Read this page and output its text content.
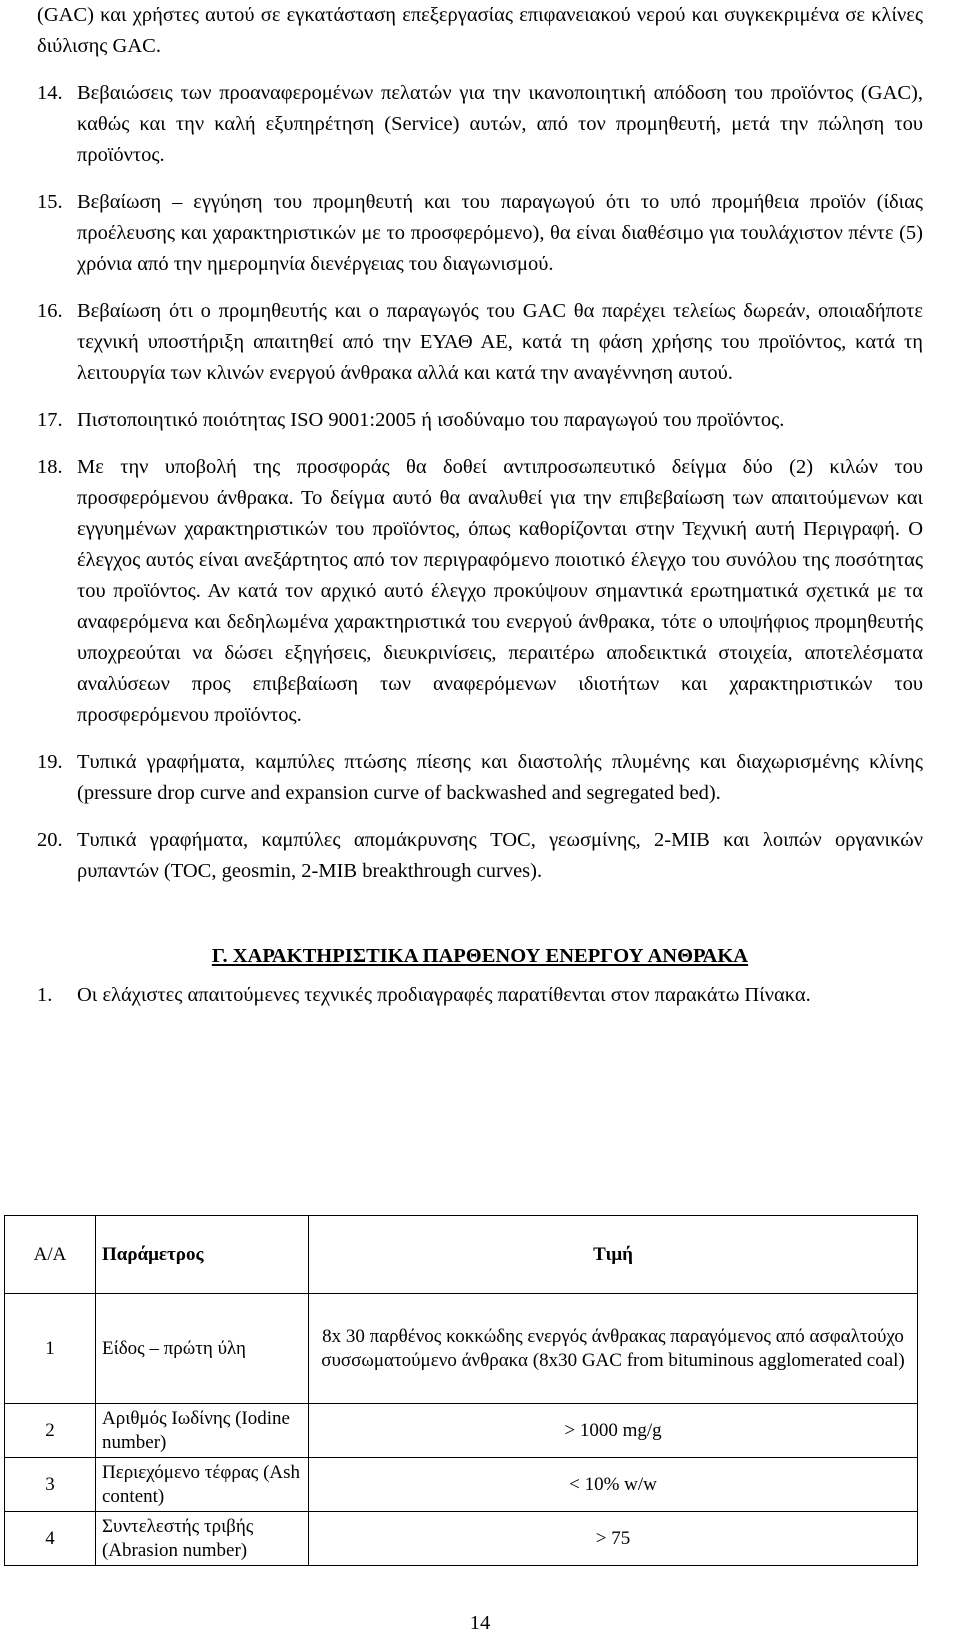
(GAC) και χρήστες αυτού σε εγκατάσταση επεξεργασίας επιφανειακού νερού και συγκεκριμένα σε κλίνες διύλισης GAC.

14. Βεβαιώσεις των προαναφερομένων πελατών για την ικανοποιητική απόδοση του προϊόντος (GAC), καθώς και την καλή εξυπηρέτηση (Service) αυτών, από τον προμηθευτή, μετά την πώληση του προϊόντος.
15. Βεβαίωση – εγγύηση του προμηθευτή και του παραγωγού ότι το υπό προμήθεια προϊόν (ίδιας προέλευσης και χαρακτηριστικών με το προσφερόμενο), θα είναι διαθέσιμο για τουλάχιστον πέντε (5) χρόνια από την ημερομηνία διενέργειας του διαγωνισμού.
16. Βεβαίωση ότι ο προμηθευτής και ο παραγωγός του GAC θα παρέχει τελείως δωρεάν, οποιαδήποτε τεχνική υποστήριξη απαιτηθεί από την ΕΥΑΘ ΑΕ, κατά τη φάση χρήσης του προϊόντος, κατά τη λειτουργία των κλινών ενεργού άνθρακα αλλά και κατά την αναγέννηση αυτού.
17. Πιστοποιητικό ποιότητας ISO 9001:2005 ή ισοδύναμο του παραγωγού του προϊόντος.
18. Με την υποβολή της προσφοράς θα δοθεί αντιπροσωπευτικό δείγμα δύο (2) κιλών του προσφερόμενου άνθρακα. Το δείγμα αυτό θα αναλυθεί για την επιβεβαίωση των απαιτούμενων και εγγυημένων χαρακτηριστικών του προϊόντος, όπως καθορίζονται στην Τεχνική αυτή Περιγραφή. Ο έλεγχος αυτός είναι ανεξάρτητος από τον περιγραφόμενο ποιοτικό έλεγχο του συνόλου της ποσότητας του προϊόντος. Αν κατά τον αρχικό αυτό έλεγχο προκύψουν σημαντικά ερωτηματικά σχετικά με τα αναφερόμενα και δεδηλωμένα χαρακτηριστικά του ενεργού άνθρακα, τότε ο υποψήφιος προμηθευτής υποχρεούται να δώσει εξηγήσεις, διευκρινίσεις, περαιτέρω αποδεικτικά στοιχεία, αποτελέσματα αναλύσεων προς επιβεβαίωση των αναφερόμενων ιδιοτήτων και χαρακτηριστικών του προσφερόμενου προϊόντος.
19. Τυπικά γραφήματα, καμπύλες πτώσης πίεσης και διαστολής πλυμένης και διαχωρισμένης κλίνης (pressure drop curve and expansion curve of backwashed and segregated bed).
20. Τυπικά γραφήματα, καμπύλες απομάκρυνσης TOC, γεωσμίνης, 2-MIB και λοιπών οργανικών ρυπαντών (TOC, geosmin, 2-MIB breakthrough curves).
Γ. ΧΑΡΑΚΤΗΡΙΣΤΙΚΑ ΠΑΡΘΕΝΟΥ ΕΝΕΡΓΟΥ ΑΝΘΡΑΚΑ
1.	Οι ελάχιστες απαιτούμενες τεχνικές προδιαγραφές παρατίθενται στον παρακάτω Πίνακα.
Α/Α	Παράμετρος	Τιμή
1	Είδος – πρώτη ύλη	8x 30 παρθένος κοκκώδης ενεργός άνθρακας παραγόμενος από ασφαλτούχο συσσωματούμενο άνθρακα (8x30 GAC from bituminous agglomerated coal)
2	Αριθμός Ιωδίνης (Iodine number)	> 1000 mg/g
3	Περιεχόμενο τέφρας (Ash content)	< 10% w/w
4	Συντελεστής τριβής (Abrasion number)	> 75
14
